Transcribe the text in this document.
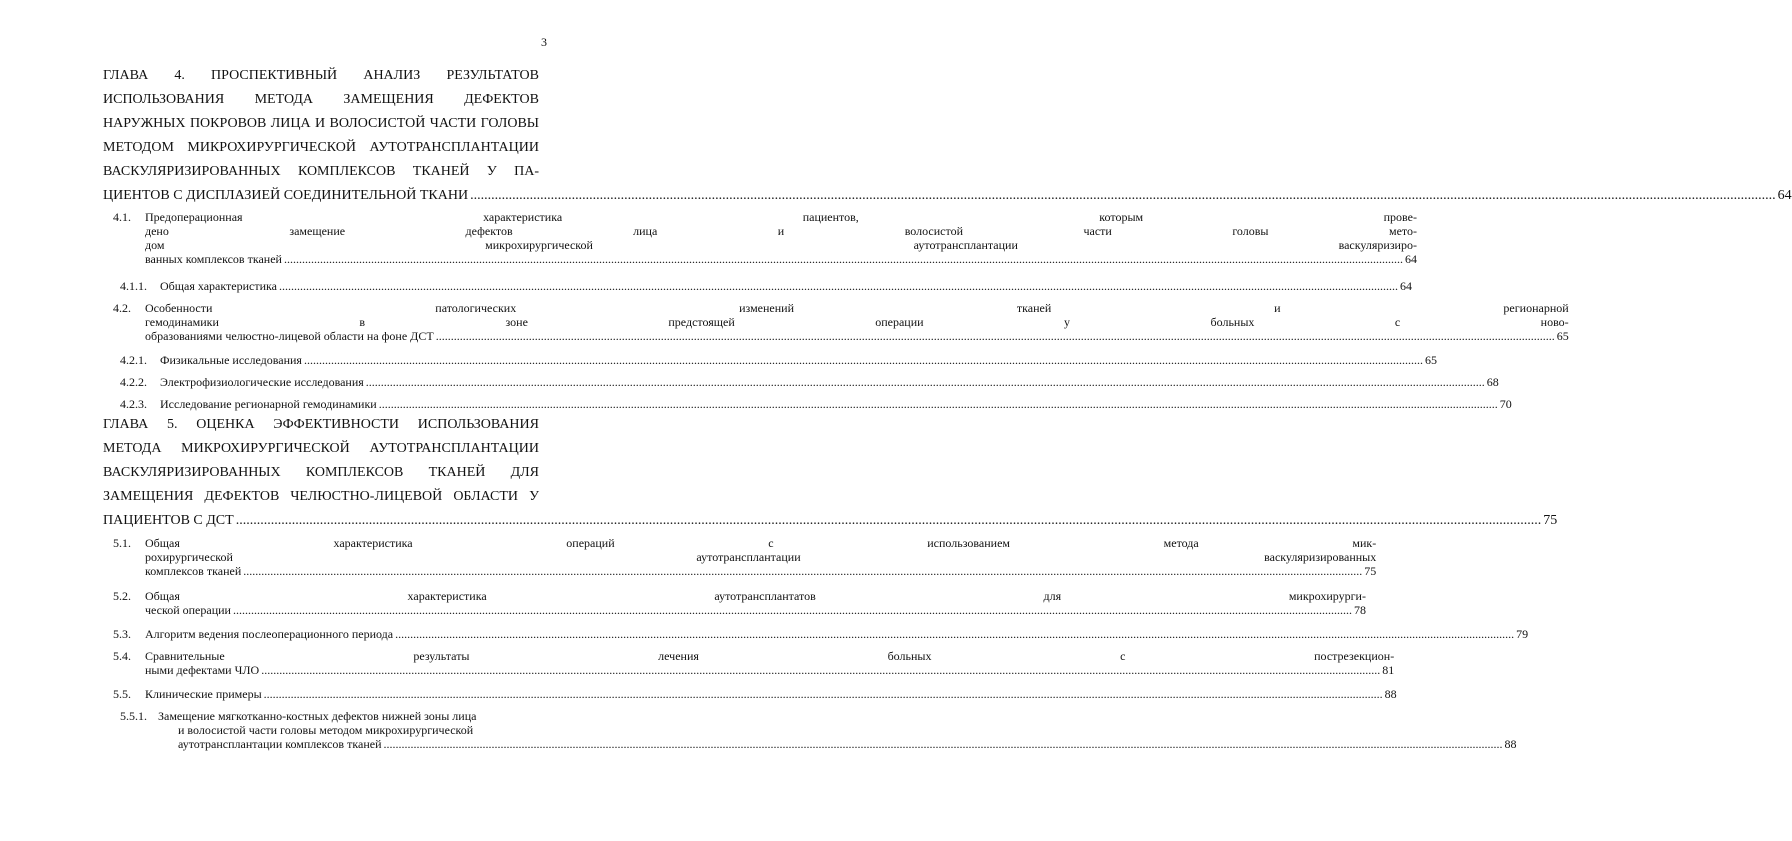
3
ГЛАВА 4. ПРОСПЕКТИВНЫЙ АНАЛИЗ РЕЗУЛЬТАТОВ
ИСПОЛЬЗОВАНИЯ МЕТОДА ЗАМЕЩЕНИЯ ДЕФЕКТОВ
НАРУЖНЫХ ПОКРОВОВ ЛИЦА И ВОЛОСИСТОЙ ЧАСТИ ГОЛОВЫ
МЕТОДОМ МИКРОХИРУРГИЧЕСКОЙ АУТОТРАНСПЛАНТАЦИИ
ВАСКУЛЯРИЗИРОВАННЫХ КОМПЛЕКСОВ ТКАНЕЙ У ПА-
ЦИЕНТОВ С ДИСПЛАЗИЕЙ СОЕДИНИТЕЛЬНОЙ ТКАНИ .....	64
4.1.	Предоперационная характеристика пациентов, которым прове-
дено замещение дефектов лица и волосистой части головы мето-
дом микрохирургической аутотрансплантации васкуляризиро-
ванных комплексов тканей .....	64
4.1.1.	Общая характеристика .....	64
4.2.	Особенности патологических изменений тканей и регионарной
гемодинамики в зоне предстоящей операции у больных с ново-
образованиями челюстно-лицевой области на фоне ДСТ .....	65
4.2.1.	Физикальные исследования .....	65
4.2.2.	Электрофизиологические исследования .....	68
4.2.3.	Исследование регионарной гемодинамики .....	70
ГЛАВА 5. ОЦЕНКА ЭФФЕКТИВНОСТИ ИСПОЛЬЗОВАНИЯ
МЕТОДА МИКРОХИРУРГИЧЕСКОЙ АУТОТРАНСПЛАНТАЦИИ
ВАСКУЛЯРИЗИРОВАННЫХ КОМПЛЕКСОВ ТКАНЕЙ ДЛЯ
ЗАМЕЩЕНИЯ ДЕФЕКТОВ ЧЕЛЮСТНО-ЛИЦЕВОЙ ОБЛАСТИ У
ПАЦИЕНТОВ С ДСТ .....	75
5.1.	Общая характеристика операций с использованием метода мик-
рохирургической аутотрансплантации васкуляризированных
комплексов тканей .....	75
5.2.	Общая характеристика аутотрансплантатов для микрохирурги-
ческой операции .....	78
5.3.	Алгоритм ведения послеоперационного периода .....	79
5.4.	Сравнительные результаты лечения больных с пострезекцион-
ными дефектами ЧЛО .....	81
5.5.	Клинические примеры .....	88
5.5.1. Замещение мягкотканно-костных дефектов нижней зоны лица
и волосистой части головы методом микрохирургической
аутотрансплантации комплексов тканей .....	88
